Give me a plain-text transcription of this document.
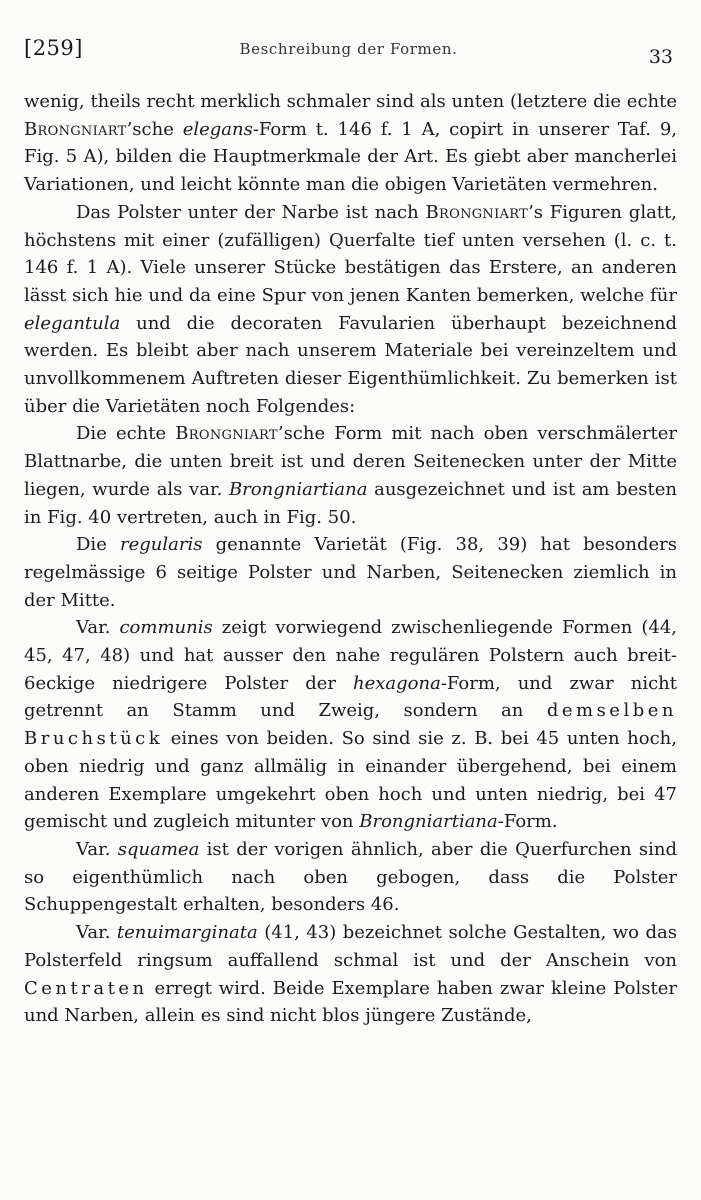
[259]	Beschreibung der Formen.	33

wenig, theils recht merklich schmaler sind als unten (letztere die echte Brongniart’sche elegans-Form t. 146 f. 1 A, copirt in unserer Taf. 9, Fig. 5 A), bilden die Hauptmerkmale der Art. Es giebt aber mancherlei Variationen, und leicht könnte man die obigen Varietäten vermehren.

Das Polster unter der Narbe ist nach Brongniart’s Figuren glatt, höchstens mit einer (zufälligen) Querfalte tief unten versehen (l. c. t. 146 f. 1 A). Viele unserer Stücke bestätigen das Erstere, an anderen lässt sich hie und da eine Spur von jenen Kanten bemerken, welche für elegantula und die decoraten Favularien überhaupt bezeichnend werden. Es bleibt aber nach unserem Materiale bei vereinzeltem und unvollkommenem Auftreten dieser Eigenthümlichkeit. Zu bemerken ist über die Varietäten noch Folgendes:

Die echte Brongniart’sche Form mit nach oben verschmälerter Blattnarbe, die unten breit ist und deren Seitenecken unter der Mitte liegen, wurde als var. Brongniartiana ausgezeichnet und ist am besten in Fig. 40 vertreten, auch in Fig. 50.

Die regularis genannte Varietät (Fig. 38, 39) hat besonders regelmässige 6 seitige Polster und Narben, Seitenecken ziemlich in der Mitte.

Var. communis zeigt vorwiegend zwischenliegende Formen (44, 45, 47, 48) und hat ausser den nahe regulären Polstern auch breit-6eckige niedrigere Polster der hexagona-Form, und zwar nicht getrennt an Stamm und Zweig, sondern an demselben Bruchstück eines von beiden. So sind sie z. B. bei 45 unten hoch, oben niedrig und ganz allmälig in einander übergehend, bei einem anderen Exemplare umgekehrt oben hoch und unten niedrig, bei 47 gemischt und zugleich mitunter von Brongniartiana-Form.

Var. squamea ist der vorigen ähnlich, aber die Querfurchen sind so eigenthümlich nach oben gebogen, dass die Polster Schuppengestalt erhalten, besonders 46.

Var. tenuimarginata (41, 43) bezeichnet solche Gestalten, wo das Polsterfeld ringsum auffallend schmal ist und der Anschein von Centraten erregt wird. Beide Exemplare haben zwar kleine Polster und Narben, allein es sind nicht blos jüngere Zustände,
